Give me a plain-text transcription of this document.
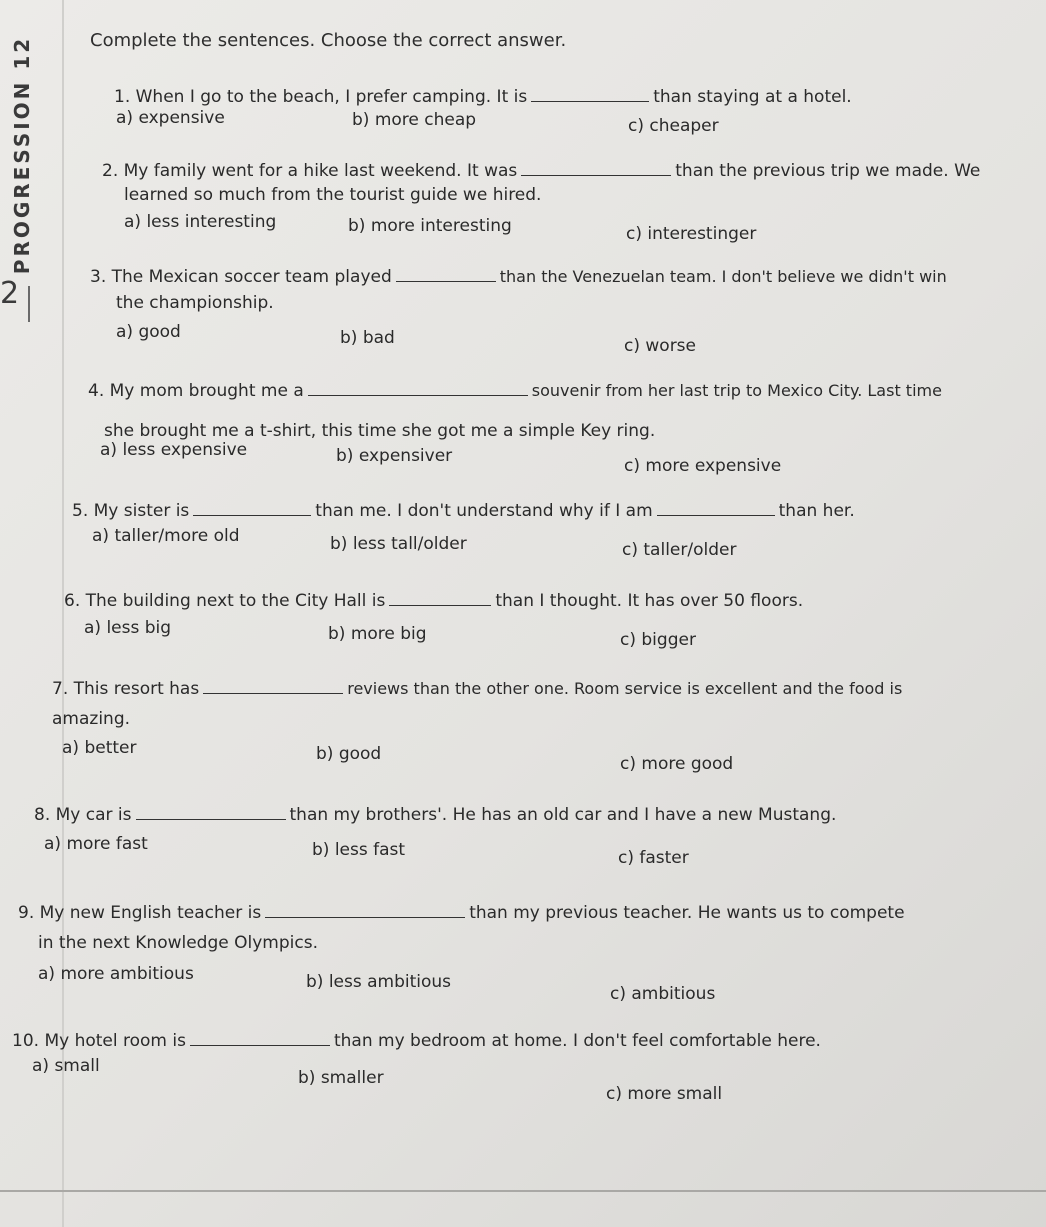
PROGRESSION 12
2
Complete the sentences. Choose the correct answer.
1. When I go to the beach, I prefer camping. It is	than staying at a hotel.
a) expensive	b) more cheap	c) cheaper
2. My family went for a hike last weekend. It was	than the previous trip we made. We
learned so much from the tourist guide we hired.
a) less interesting	b) more interesting	c) interestinger
3. The Mexican soccer team played	than the Venezuelan team. I don't believe we didn't win
the championship.
a) good	b) bad	c) worse
4. My mom brought me a	souvenir from her last trip to Mexico City. Last time
she brought me a t-shirt, this time she got me a simple Key ring.
a) less expensive	b) expensiver	c) more expensive
5. My sister is	than me. I don't understand why if I am	than her.
a) taller/more old	b) less tall/older	c) taller/older
6. The building next to the City Hall is	than I thought. It has over 50 floors.
a) less big	b) more big	c) bigger
7. This resort has	reviews than the other one. Room service is excellent and the food is
amazing.
a) better	b) good	c) more good
8. My car is	than my brothers'. He has an old car and I have a new Mustang.
a) more fast	b) less fast	c) faster
9. My new English teacher is	than my previous teacher. He wants us to compete
in the next Knowledge Olympics.
a) more ambitious	b) less ambitious
c) ambitious
10. My hotel room is	than my bedroom at home. I don't feel comfortable here.
a) small
b) smaller
c) more small
